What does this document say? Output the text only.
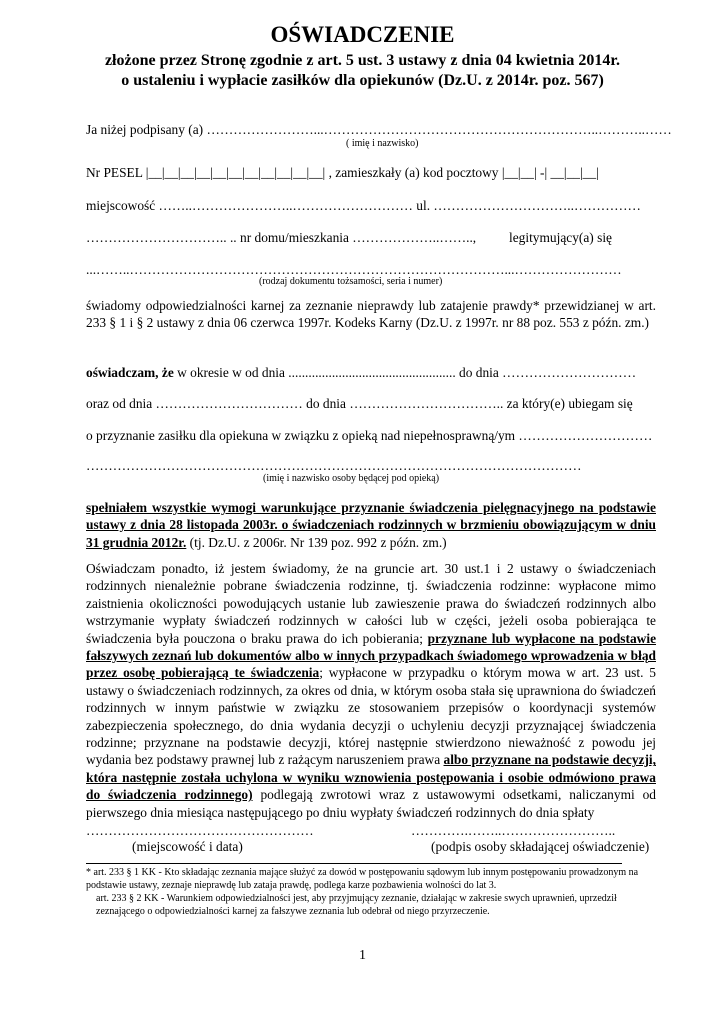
OŚWIADCZENIE

złożone przez Stronę zgodnie z art. 5 ust. 3 ustawy z dnia 04 kwietnia 2014r.

o ustaleniu i wypłacie zasiłków dla opiekunów (Dz.U. z 2014r. poz. 567)

Ja niżej podpisany (a) ……………………...……………………………………………………..………..……

( imię i nazwisko)

Nr PESEL |__|__|__|__|__|__|__|__|__|__|__| , zamieszkały (a) kod pocztowy |__|__| -| __|__|__|

miejscowość ……..…………………..……………………… ul. …………………………..……………

………………………….. .. nr domu/mieszkania ………………..…….., legitymujący(a) się

...……..…………………………………………………………………………...……………………

(rodzaj dokumentu tożsamości, seria i numer)

świadomy odpowiedzialności karnej za zeznanie nieprawdy lub zatajenie prawdy* przewidzianej w art. 233 § 1 i § 2 ustawy z dnia 06 czerwca 1997r. Kodeks Karny (Dz.U. z 1997r. nr 88 poz. 553 z późn. zm.)

oświadczam, że w okresie w od dnia .................................................. do dnia …………………………

oraz od dnia …………………………… do dnia …………………………….. za który(e) ubiegam się

o przyznanie zasiłku dla opiekuna w związku z opieką nad niepełnosprawną/ym …………………………

…………………………………………………………………………………………………

(imię i nazwisko osoby będącej pod opieką)

spełniałem wszystkie wymogi warunkujące przyznanie świadczenia pielęgnacyjnego na podstawie ustawy z dnia 28 listopada 2003r. o świadczeniach rodzinnych w brzmieniu obowiązującym w dniu 31 grudnia 2012r. (tj. Dz.U. z 2006r. Nr 139 poz. 992 z późn. zm.)

Oświadczam ponadto, iż jestem świadomy, że na gruncie art. 30 ust.1 i 2 ustawy o świadczeniach rodzinnych nienależnie pobrane świadczenia rodzinne, tj. świadczenia rodzinne: wypłacone mimo zaistnienia okoliczności powodujących ustanie lub zawieszenie prawa do świadczeń rodzinnych albo wstrzymanie wypłaty świadczeń rodzinnych w całości lub w części, jeżeli osoba pobierająca te świadczenia była pouczona o braku prawa do ich pobierania; przyznane lub wypłacone na podstawie fałszywych zeznań lub dokumentów albo w innych przypadkach świadomego wprowadzenia w błąd przez osobę pobierającą te świadczenia; wypłacone w przypadku o którym mowa w art. 23 ust. 5 ustawy o świadczeniach rodzinnych, za okres od dnia, w którym osoba stała się uprawniona do świadczeń rodzinnych w innym państwie w związku ze stosowaniem przepisów o koordynacji systemów zabezpieczenia społecznego, do dnia wydania decyzji o uchyleniu decyzji przyznającej świadczenia rodzinne; przyznane na podstawie decyzji, której następnie stwierdzono nieważność z powodu jej wydania bez podstawy prawnej lub z rażącym naruszeniem prawa albo przyznane na podstawie decyzji, która następnie została uchylona w wyniku wznowienia postępowania i osobie odmówiono prawa do świadczenia rodzinnego) podlegają zwrotowi wraz z ustawowymi odsetkami, naliczanymi od pierwszego dnia miesiąca następującego po dniu wypłaty świadczeń rodzinnych do dnia spłaty

……………………………………………

(miejscowość i data)

………….……..……………………..

(podpis osoby składającej oświadczenie)

* art. 233 § 1 KK - Kto składając zeznania mające służyć za dowód w postępowaniu sądowym lub innym postępowaniu prowadzonym na podstawie ustawy, zeznaje nieprawdę lub zataja prawdę, podlega karze pozbawienia wolności do lat 3.

art. 233 § 2 KK - Warunkiem odpowiedzialności jest, aby przyjmujący zeznanie, działając w zakresie swych uprawnień, uprzedził zeznającego o odpowiedzialności karnej za fałszywe zeznania lub odebrał od niego przyrzeczenie.

1
